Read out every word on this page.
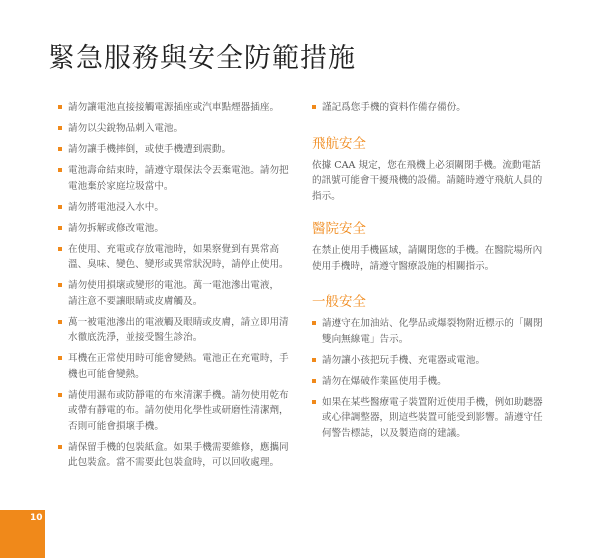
緊急服務與安全防範措施
請勿讓電池直接接觸電源插座或汽車點煙器插座。
請勿以尖銳物品刺入電池。
請勿讓手機摔倒，或使手機遭到震動。
電池壽命結束時，請遵守環保法令丟棄電池。請勿把電池棄於家庭垃圾當中。
請勿將電池浸入水中。
請勿拆解或修改電池。
在使用、充電或存放電池時，如果察覺到有異常高溫、臭味、變色、變形或異常狀況時，請停止使用。
請勿使用損壞或變形的電池。萬一電池滲出電液， 請注意不要讓眼睛或皮膚觸及。
萬一被電池滲出的電液觸及眼睛或皮膚，請立即用清水徹底洗淨，並接受醫生診治。
耳機在正常使用時可能會變熱。電池正在充電時，手機也可能會變熱。
請使用濕布或防靜電的布來清潔手機。請勿使用乾布或帶有靜電的布。請勿使用化學性或研磨性清潔劑，否則可能會損壞手機。
請保留手機的包裝紙盒。如果手機需要維修，應攜同此包裝盒。當不需要此包裝盒時，可以回收處理。
謹記爲您手機的資料作備存備份。
飛航安全

依據 CAA 規定，您在飛機上必須關閉手機。流動電話的訊號可能會干擾飛機的設備。請隨時遵守飛航人員的指示。

醫院安全

在禁止使用手機區域，請關閉您的手機。在醫院場所內使用手機時，請遵守醫療設施的相關指示。

一般安全
請遵守在加油站、化學品或爆裂物附近標示的「關閉雙向無線電」告示。
請勿讓小孩把玩手機、充電器或電池。
請勿在爆破作業區使用手機。
如果在某些醫療電子裝置附近使用手機，例如助聽器或心律調整器，則這些裝置可能受到影響。請遵守任何警告標誌，以及製造商的建議。
10
